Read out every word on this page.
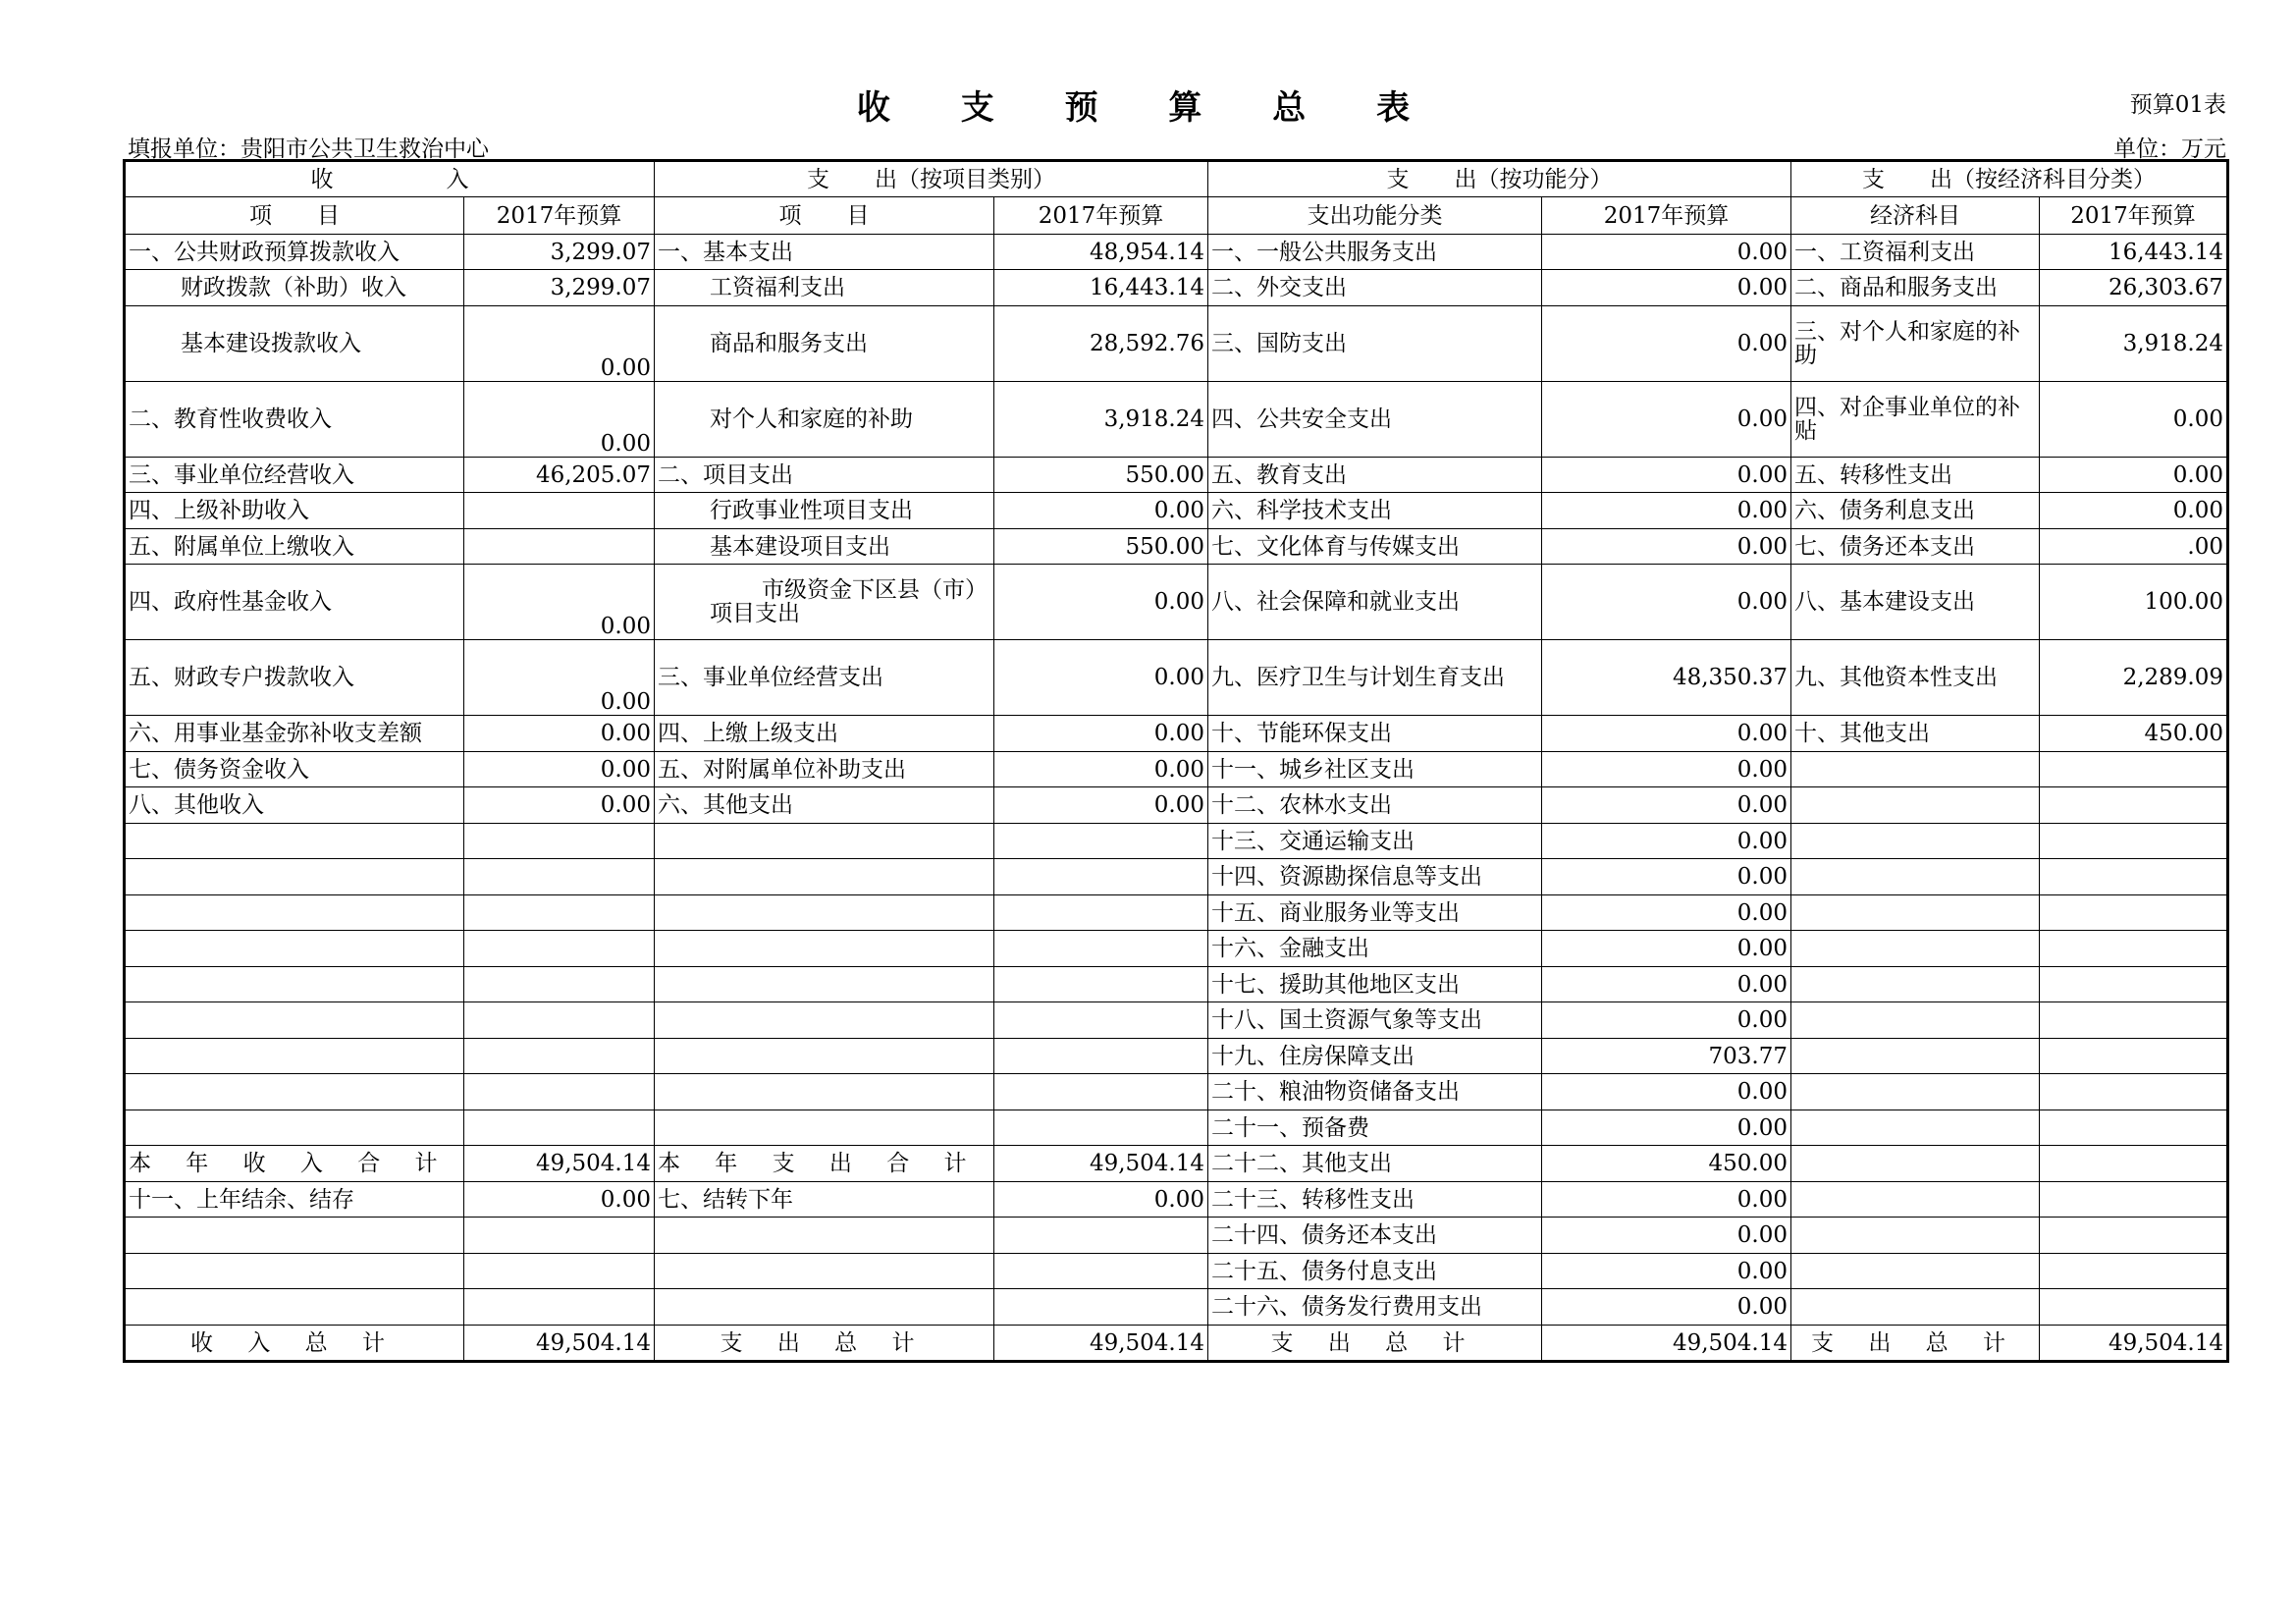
收 支 预 算 总 表	预算01表
填报单位：贵阳市公共卫生救治中心	单位：万元
收　　　　　入		支　　出（按项目类别）		支　　出（按功能分）		支　　出（按经济科目分类）	
项　　目	2017年预算	项　　目	2017年预算	支出功能分类	2017年预算	经济科目	2017年预算
一、公共财政预算拨款收入	3,299.07	一、基本支出	48,954.14	一、一般公共服务支出	0.00	一、工资福利支出	16,443.14
财政拨款（补助）收入	3,299.07	工资福利支出	16,443.14	二、外交支出	0.00	二、商品和服务支出	26,303.67
基本建设拨款收入	0.00	商品和服务支出	28,592.76	三、国防支出	0.00	三、对个人和家庭的补助	3,918.24
二、教育性收费收入	0.00	对个人和家庭的补助	3,918.24	四、公共安全支出	0.00	四、对企事业单位的补贴	0.00
三、事业单位经营收入	46,205.07	二、项目支出	550.00	五、教育支出	0.00	五、转移性支出	0.00
四、上级补助收入		行政事业性项目支出	0.00	六、科学技术支出	0.00	六、债务利息支出	0.00
五、附属单位上缴收入		基本建设项目支出	550.00	七、文化体育与传媒支出	0.00	七、债务还本支出	.00
四、政府性基金收入	0.00	市级资金下区县（市）项目支出	0.00	八、社会保障和就业支出	0.00	八、基本建设支出	100.00
五、财政专户拨款收入	0.00	三、事业单位经营支出	0.00	九、医疗卫生与计划生育支出	48,350.37	九、其他资本性支出	2,289.09
六、用事业基金弥补收支差额	0.00	四、上缴上级支出	0.00	十、节能环保支出	0.00	十、其他支出	450.00
七、债务资金收入	0.00	五、对附属单位补助支出	0.00	十一、城乡社区支出	0.00		
八、其他收入	0.00	六、其他支出	0.00	十二、农林水支出	0.00		
				十三、交通运输支出	0.00		
				十四、资源勘探信息等支出	0.00		
				十五、商业服务业等支出	0.00		
				十六、金融支出	0.00		
				十七、援助其他地区支出	0.00		
				十八、国土资源气象等支出	0.00		
				十九、住房保障支出	703.77		
				二十、粮油物资储备支出	0.00		
				二十一、预备费	0.00		
本 年 收 入 合 计	49,504.14	本 年 支 出 合 计	49,504.14	二十二、其他支出	450.00		
十一、上年结余、结存	0.00	七、结转下年	0.00	二十三、转移性支出	0.00		
				二十四、债务还本支出	0.00		
				二十五、债务付息支出	0.00		
				二十六、债务发行费用支出	0.00		
收 入 总 计	49,504.14	支 出 总 计	49,504.14	支 出 总 计	49,504.14	支 出 总 计	49,504.14
